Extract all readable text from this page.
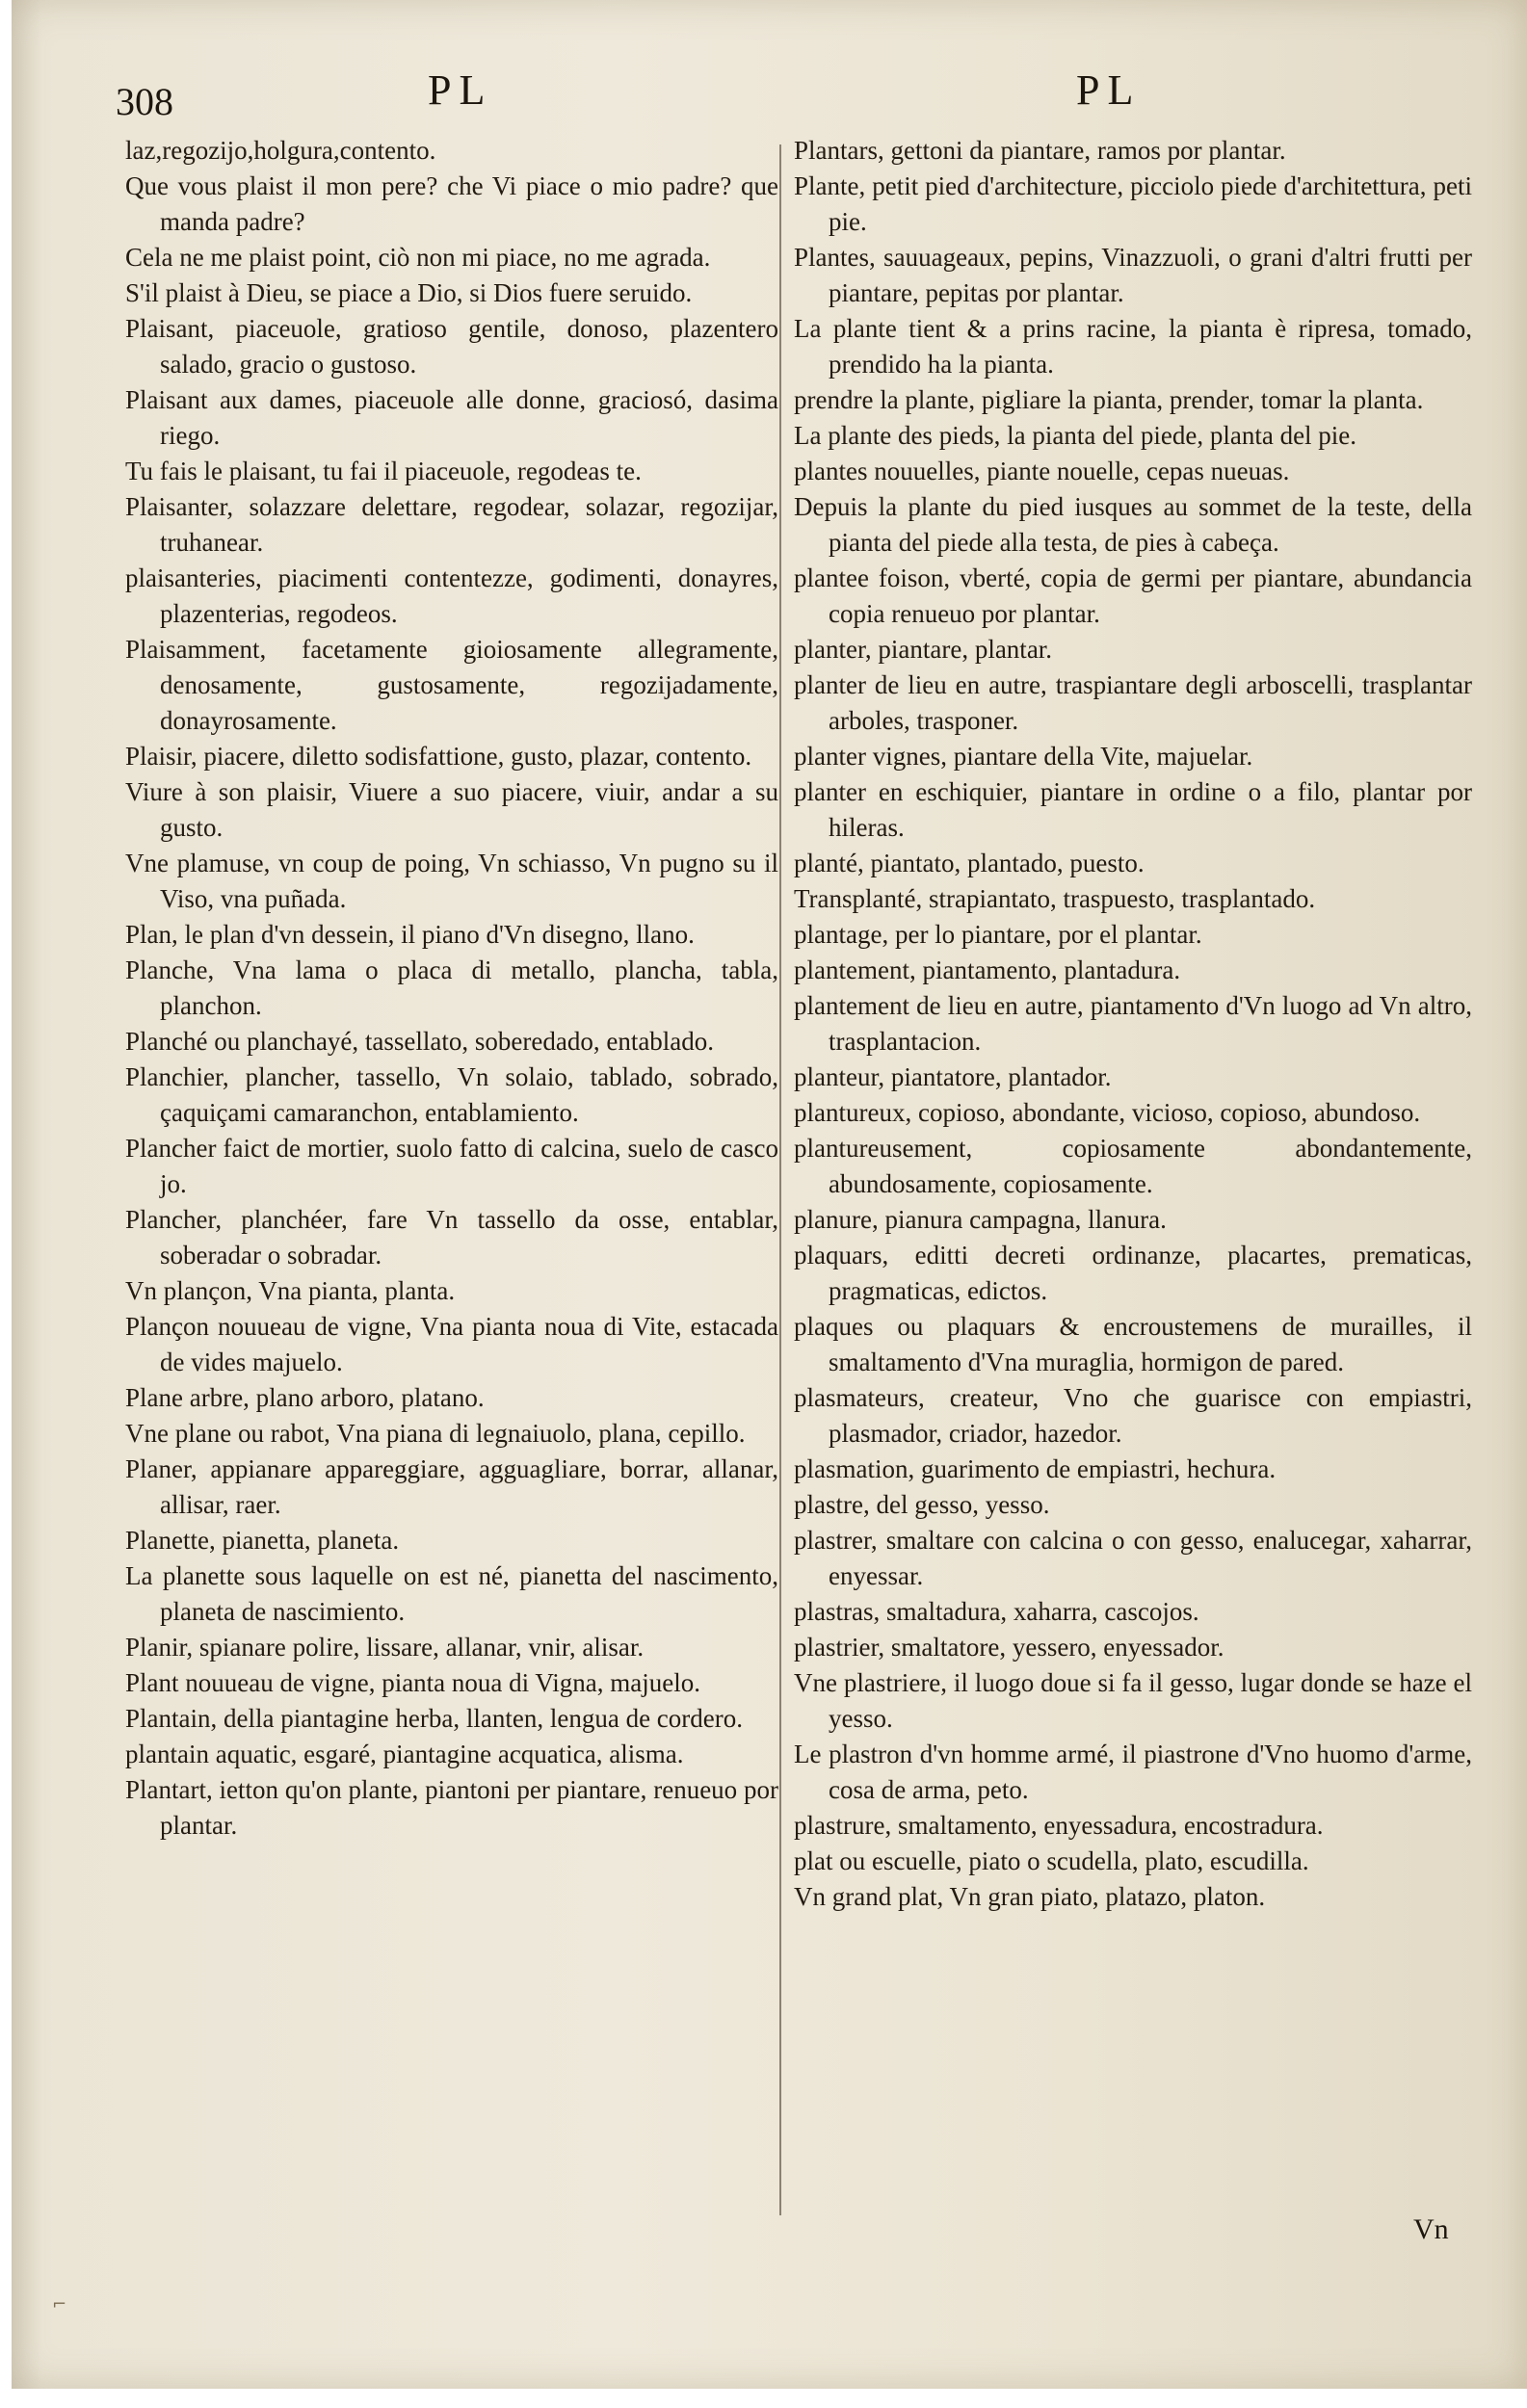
308	PL	PL

laz,regozijo,holgura,contento.

Que vous plaist il mon pere? che Vi piace o mio padre? que manda padre?

Cela ne me plaist point, ciò non mi piace, no me agrada.

S'il plaist à Dieu, se piace a Dio, si Dios fuere seruido.

Plaisant, piaceuole, gratioso gentile, donoso, plazentero salado, gracio o gustoso.

Plaisant aux dames, piaceuole alle donne, graciosó, dasima riego.

Tu fais le plaisant, tu fai il piaceuole, regodeas te.

Plaisanter, solazzare delettare, regodear, solazar, regozijar, truhanear.

plaisanteries, piacimenti contentezze, godimenti, donayres, plazenterias, regodeos.

Plaisamment, facetamente gioiosamente allegramente, denosamente, gustosamente, regozijadamente, donayrosamente.

Plaisir, piacere, diletto sodisfattione, gusto, plazar, contento.

Viure à son plaisir, Viuere a suo piacere, viuir, andar a su gusto.

Vne plamuse, vn coup de poing, Vn schiasso, Vn pugno su il Viso, vna puñada.

Plan, le plan d'vn dessein, il piano d'Vn disegno, llano.

Planche, Vna lama o placa di metallo, plancha, tabla, planchon.

Planché ou planchayé, tassellato, soberedado, entablado.

Planchier, plancher, tassello, Vn solaio, tablado, sobrado, çaquiçami camaranchon, entablamiento.

Plancher faict de mortier, suolo fatto di calcina, suelo de casco jo.

Plancher, planchéer, fare Vn tassello da osse, entablar, soberadar o sobradar.

Vn plançon, Vna pianta, planta.

Plançon nouueau de vigne, Vna pianta noua di Vite, estacada de vides majuelo.

Plane arbre, plano arboro, platano.

Vne plane ou rabot, Vna piana di legnaiuolo, plana, cepillo.

Planer, appianare appareggiare, agguagliare, borrar, allanar, allisar, raer.

Planette, pianetta, planeta.

La planette sous laquelle on est né, pianetta del nascimento, planeta de nascimiento.

Planir, spianare polire, lissare, allanar, vnir, alisar.

Plant nouueau de vigne, pianta noua di Vigna, majuelo.

Plantain, della piantagine herba, llanten, lengua de cordero.

plantain aquatic, esgaré, piantagine acquatica, alisma.

Plantart, ietton qu'on plante, piantoni per piantare, renueuo por plantar.

Plantars, gettoni da piantare, ramos por plantar.

Plante, petit pied d'architecture, picciolo piede d'architettura, peti pie.

Plantes, sauuageaux, pepins, Vinazzuoli, o grani d'altri frutti per piantare, pepitas por plantar.

La plante tient & a prins racine, la pianta è ripresa, tomado, prendido ha la pianta.

prendre la plante, pigliare la pianta, prender, tomar la planta.

La plante des pieds, la pianta del piede, planta del pie.

plantes nouuelles, piante nouelle, cepas nueuas.

Depuis la plante du pied iusques au sommet de la teste, della pianta del piede alla testa, de pies à cabeça.

plantee foison, vberté, copia de germi per piantare, abundancia copia renueuo por plantar.

planter, piantare, plantar.

planter de lieu en autre, traspiantare degli arboscelli, trasplantar arboles, trasponer.

planter vignes, piantare della Vite, majuelar.

planter en eschiquier, piantare in ordine o a filo, plantar por hileras.

planté, piantato, plantado, puesto.

Transplanté, strapiantato, traspuesto, trasplantado.

plantage, per lo piantare, por el plantar.

plantement, piantamento, plantadura.

plantement de lieu en autre, piantamento d'Vn luogo ad Vn altro, trasplantacion.

planteur, piantatore, plantador.

plantureux, copioso, abondante, vicioso, copioso, abundoso.

plantureusement, copiosamente abondantemente, abundosamente, copiosamente.

planure, pianura campagna, llanura.

plaquars, editti decreti ordinanze, placartes, prematicas, pragmaticas, edictos.

plaques ou plaquars & encroustemens de murailles, il smaltamento d'Vna muraglia, hormigon de pared.

plasmateurs, createur, Vno che guarisce con empiastri, plasmador, criador, hazedor.

plasmation, guarimento de empiastri, hechura.

plastre, del gesso, yesso.

plastrer, smaltare con calcina o con gesso, enalucegar, xaharrar, enyessar.

plastras, smaltadura, xaharra, cascojos.

plastrier, smaltatore, yessero, enyessador.

Vne plastriere, il luogo doue si fa il gesso, lugar donde se haze el yesso.

Le plastron d'vn homme armé, il piastrone d'Vno huomo d'arme, cosa de arma, peto.

plastrure, smaltamento, enyessadura, encostradura.

plat ou escuelle, piato o scudella, plato, escudilla.

Vn grand plat, Vn gran piato, platazo, platon.

Vn
⌐
